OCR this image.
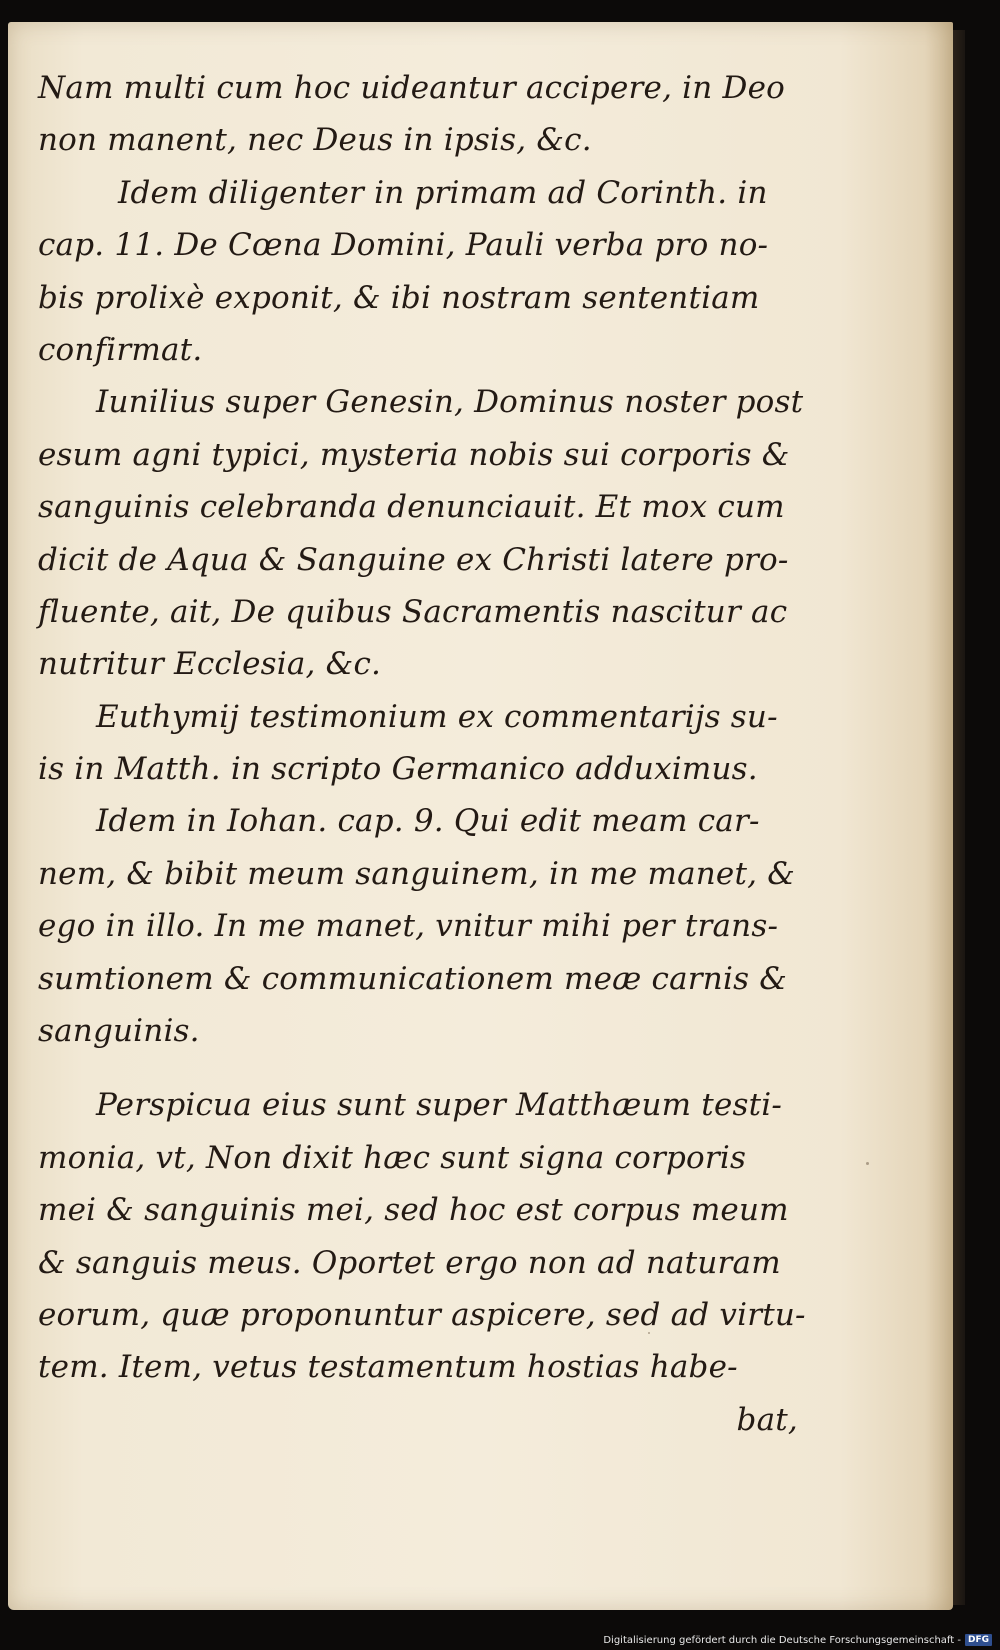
Nam multi cum hoc uideantur accipere, in Deo
non manent, nec Deus in ipsis, &c.
Idem diligenter in primam ad Corinth. in
cap. 11. De Cœna Domini, Pauli verba pro no-
bis prolixè exponit, & ibi nostram sententiam
confirmat.
Iunilius super Genesin, Dominus noster post
esum agni typici, mysteria nobis sui corporis &
sanguinis celebranda denunciauit. Et mox cum
dicit de Aqua & Sanguine ex Christi latere pro-
fluente, ait, De quibus Sacramentis nascitur ac
nutritur Ecclesia, &c.
Euthymij testimonium ex commentarijs su-
is in Matth. in scripto Germanico adduximus.
Idem in Iohan. cap. 9. Qui edit meam car-
nem, & bibit meum sanguinem, in me manet, &
ego in illo. In me manet, vnitur mihi per trans-
sumtionem & communicationem meæ carnis &
sanguinis.
Perspicua eius sunt super Matthæum testi-
monia, vt, Non dixit hæc sunt signa corporis
mei & sanguinis mei, sed hoc est corpus meum
& sanguis meus. Oportet ergo non ad naturam
eorum, quæ proponuntur aspicere, sed ad virtu-
tem. Item, vetus testamentum hostias habe-
bat,
Digitalisierung gefördert durch die Deutsche Forschungsgemeinschaft - DFG
